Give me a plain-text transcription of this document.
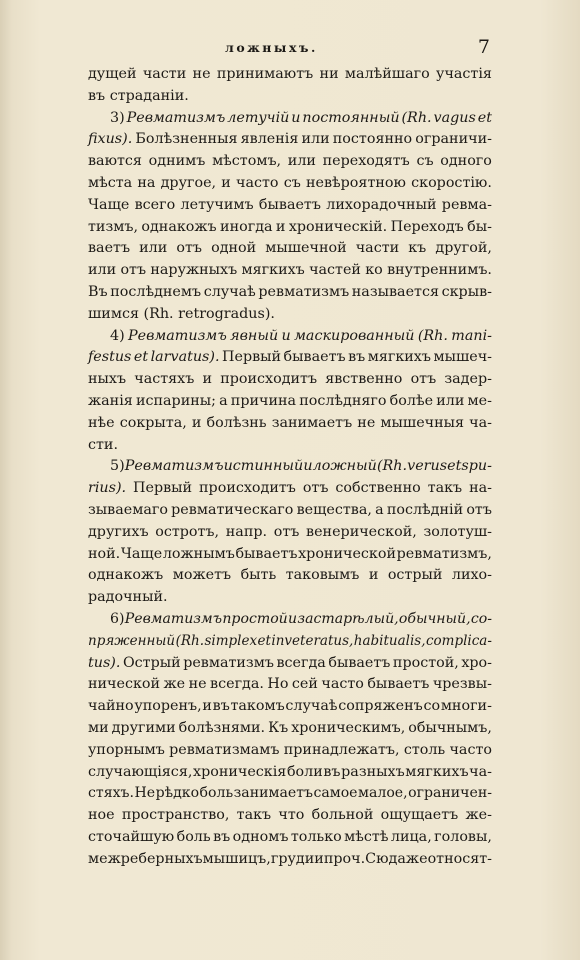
ложныхъ.	7
дущей части не принимаютъ ни малѣйшаго участія
въ страданіи.
3) Ревматизмъ летучій и постоянный (Rh. vagus et
fixus). Болѣзненныя явленія или постоянно ограничи-
ваются однимъ мѣстомъ, или переходятъ съ одного
мѣста на другое, и часто съ невѣроятною скоростію.
Чаще всего летучимъ бываетъ лихорадочный ревма-
тизмъ, однакожъ иногда и хроническій. Переходъ бы-
ваетъ или отъ одной мышечной части къ другой,
или отъ наружныхъ мягкихъ частей ко внутреннимъ.
Въ послѣднемъ случаѣ ревматизмъ называется скрыв-
шимся (Rh. retrogradus).
4) Ревматизмъ явный и маскированный (Rh. mani-
festus et larvatus). Первый бываетъ въ мягкихъ мышеч-
ныхъ частяхъ и происходитъ явственно отъ задер-
жанія испарины; а причина послѣдняго болѣе или ме-
нѣе сокрыта, и болѣзнь занимаетъ не мышечныя ча-
сти.
5) Ревматизмъ истинный и ложный (Rh. verus et spu-
rius). Первый происходитъ отъ собственно такъ на-
зываемаго ревматическаго вещества, а послѣдній отъ
другихъ остротъ, напр. отъ венерической, золотуш-
ной. Чаще ложнымъ бываетъ хронической ревматизмъ,
однакожъ можетъ быть таковымъ и острый лихо-
радочный.
6) Ревматизмъ простой и застарѣлый, обычный, со-
пряженный (Rh. simplex et inveteratus, habitualis, complica-
tus). Острый ревматизмъ всегда бываетъ простой, хро-
нической же не всегда. Но сей часто бываетъ чрезвы-
чайно упоренъ, и въ такомъ случаѣ сопряженъ со многи-
ми другими болѣзнями. Къ хроническимъ, обычнымъ,
упорнымъ ревматизмамъ принадлежатъ, столь часто
случающіяся, хроническія боли въ разныхъ мягкихъ ча-
стяхъ. Не рѣдко боль занимаетъ самое малое, ограничен-
ное пространство, такъ что больной ощущаетъ же-
сточайшую боль въ одномъ только мѣстѣ лица, головы,
межреберныхъ мышицъ, груди и проч. Сюда же относят-
